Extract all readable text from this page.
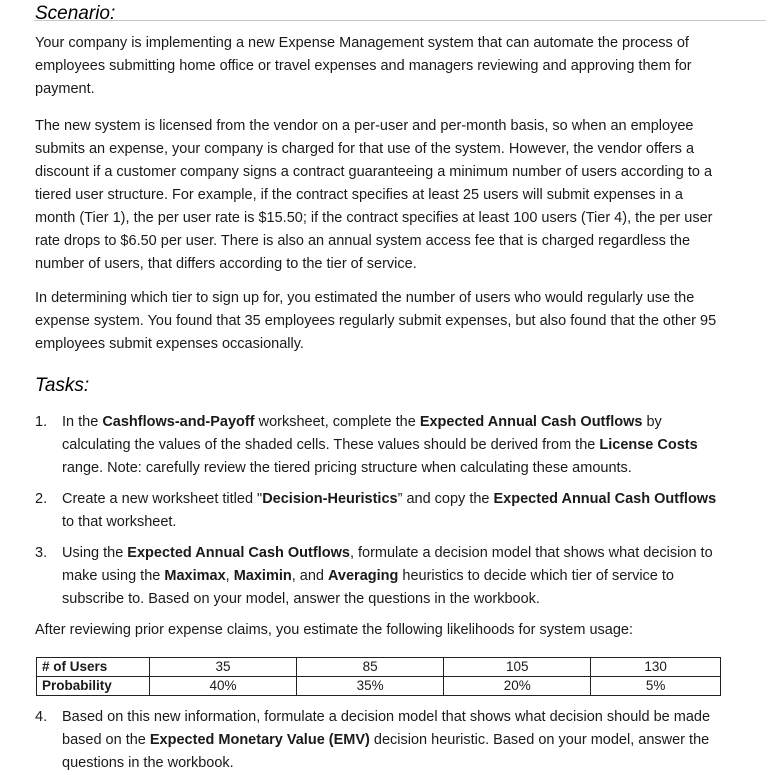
Scenario:
Your company is implementing a new Expense Management system that can automate the process of employees submitting home office or travel expenses and managers reviewing and approving them for payment.
The new system is licensed from the vendor on a per-user and per-month basis, so when an employee submits an expense, your company is charged for that use of the system. However, the vendor offers a discount if a customer company signs a contract guaranteeing a minimum number of users according to a tiered user structure. For example, if the contract specifies at least 25 users will submit expenses in a month (Tier 1), the per user rate is $15.50; if the contract specifies at least 100 users (Tier 4), the per user rate drops to $6.50 per user. There is also an annual system access fee that is charged regardless the number of users, that differs according to the tier of service.
In determining which tier to sign up for, you estimated the number of users who would regularly use the expense system. You found that 35 employees regularly submit expenses, but also found that the other 95 employees submit expenses occasionally.
Tasks:
1.	In the Cashflows-and-Payoff worksheet, complete the Expected Annual Cash Outflows by calculating the values of the shaded cells. These values should be derived from the License Costs range. Note: carefully review the tiered pricing structure when calculating these amounts.
2.	Create a new worksheet titled "Decision-Heuristics” and copy the Expected Annual Cash Outflows to that worksheet.
3.	Using the Expected Annual Cash Outflows, formulate a decision model that shows what decision to make using the Maximax, Maximin, and Averaging heuristics to decide which tier of service to subscribe to. Based on your model, answer the questions in the workbook.
After reviewing prior expense claims, you estimate the following likelihoods for system usage:
# of Users	35	85	105	130
Probability	40%	35%	20%	5%
4.	Based on this new information, formulate a decision model that shows what decision should be made based on the Expected Monetary Value (EMV) decision heuristic. Based on your model, answer the questions in the workbook.
